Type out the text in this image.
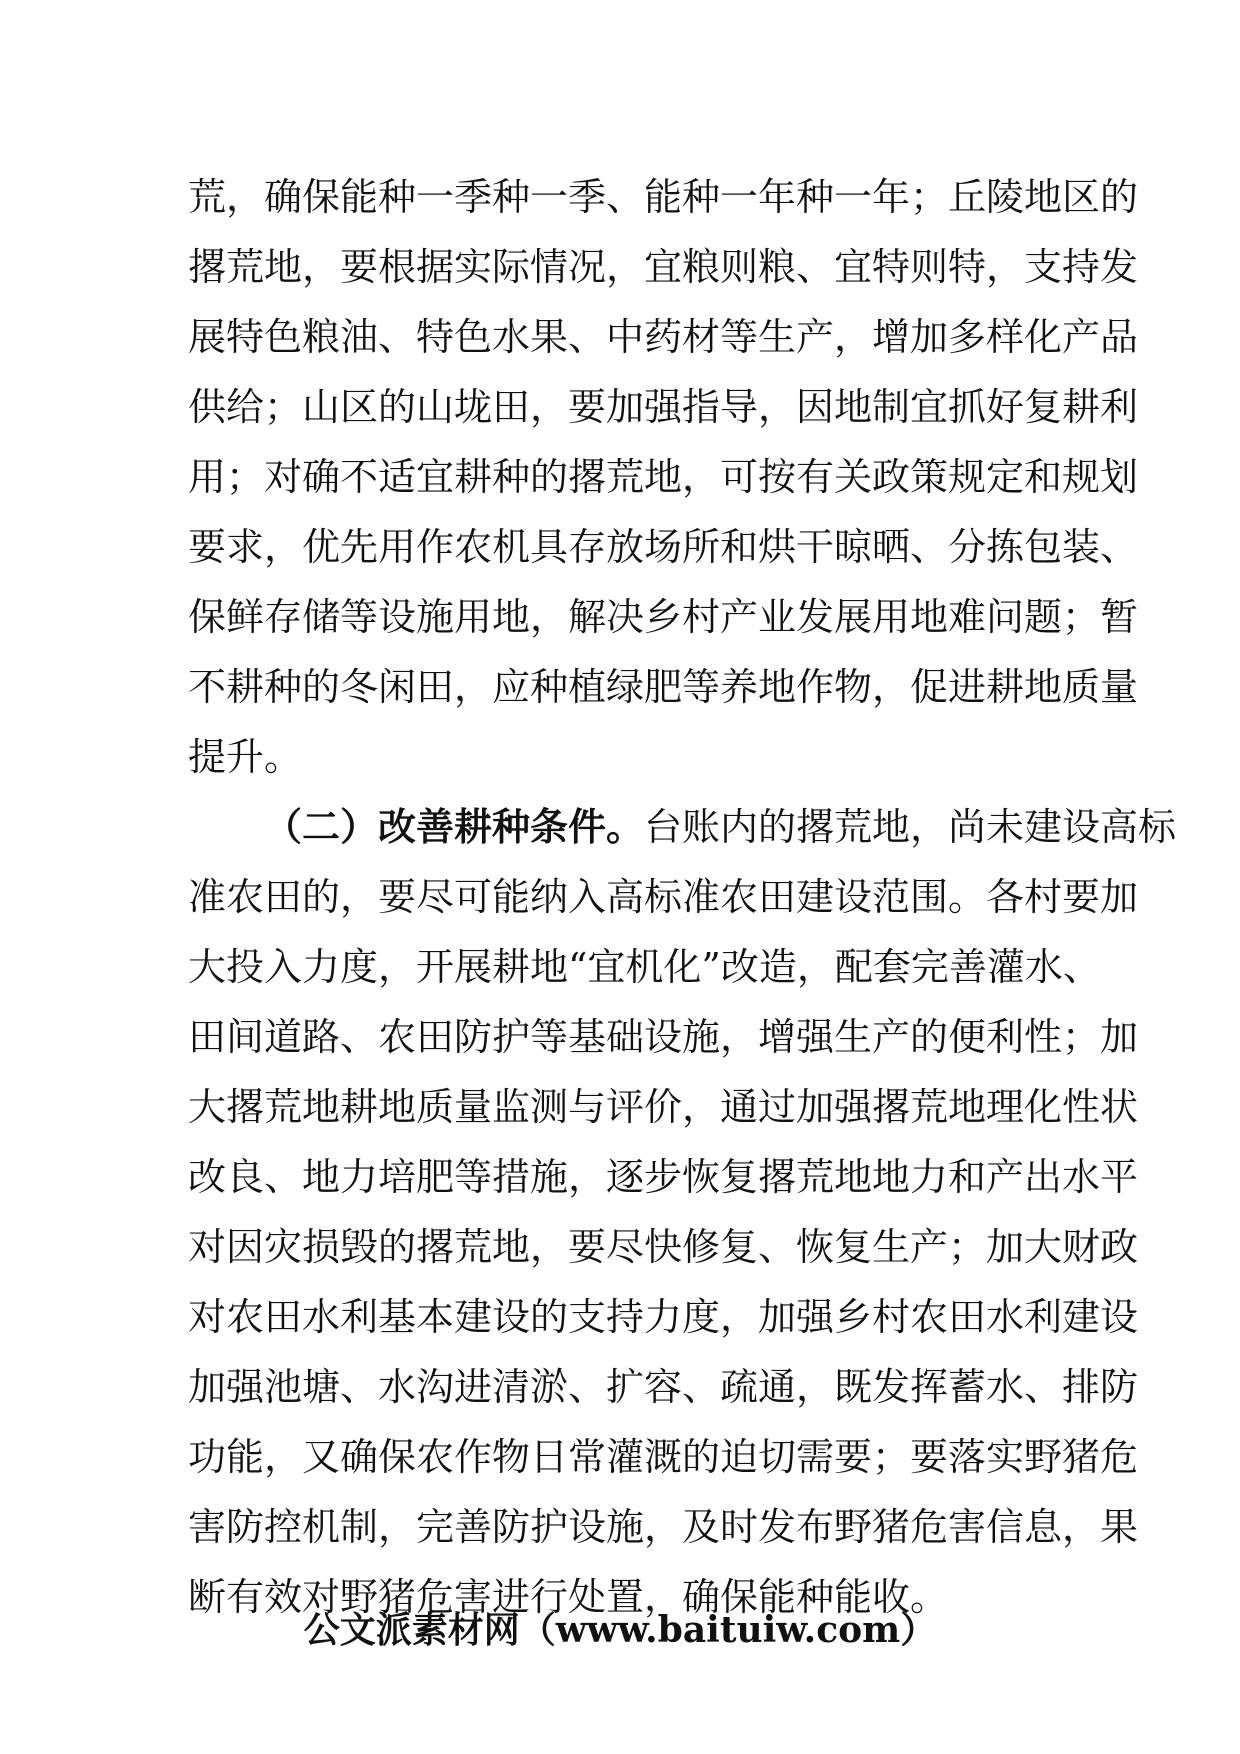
荒，确保能种一季种一季、能种一年种一年；丘陵地区的
撂荒地，要根据实际情况，宜粮则粮、宜特则特，支持发
展特色粮油、特色水果、中药材等生产，增加多样化产品
供给；山区的山垅田，要加强指导，因地制宜抓好复耕利
用；对确不适宜耕种的撂荒地，可按有关政策规定和规划
要求，优先用作农机具存放场所和烘干晾晒、分拣包装、
保鲜存储等设施用地，解决乡村产业发展用地难问题；暂
不耕种的冬闲田，应种植绿肥等养地作物，促进耕地质量
提升。
（二）改善耕种条件。台账内的撂荒地，尚未建设高标
准农田的，要尽可能纳入高标准农田建设范围。各村要加
大投入力度，开展耕地“宜机化”改造，配套完善灌水、
田间道路、农田防护等基础设施，增强生产的便利性；加
大撂荒地耕地质量监测与评价，通过加强撂荒地理化性状
改良、地力培肥等措施，逐步恢复撂荒地地力和产出水平
对因灾损毁的撂荒地，要尽快修复、恢复生产；加大财政
对农田水利基本建设的支持力度，加强乡村农田水利建设
加强池塘、水沟进清淤、扩容、疏通，既发挥蓄水、排防
功能，又确保农作物日常灌溉的迫切需要；要落实野猪危
害防控机制，完善防护设施，及时发布野猪危害信息，果
断有效对野猪危害进行处置，确保能种能收。
公文派素材网（www.baituiw.com）
